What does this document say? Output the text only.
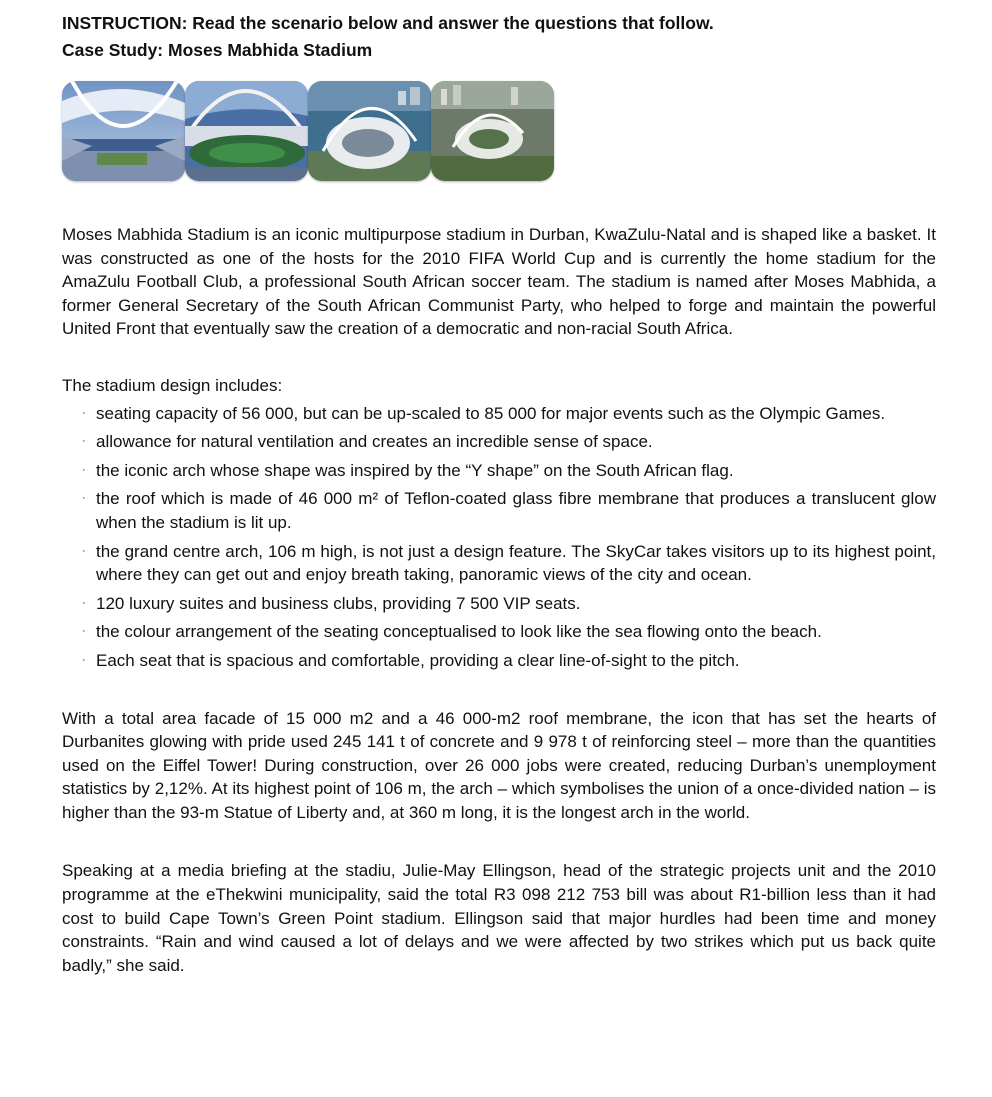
INSTRUCTION: Read the scenario below and answer the questions that follow.

Case Study: Moses Mabhida Stadium

Moses Mabhida Stadium is an iconic multipurpose stadium in Durban, KwaZulu-Natal and is shaped like a basket. It was constructed as one of the hosts for the 2010 FIFA World Cup and is currently the home stadium for the AmaZulu Football Club, a professional South African soccer team. The stadium is named after Moses Mabhida, a former General Secretary of the South African Communist Party, who helped to forge and maintain the powerful United Front that eventually saw the creation of a democratic and non-racial South Africa.

The stadium design includes:

· seating capacity of 56 000, but can be up-scaled to 85 000 for major events such as the Olympic Games.
· allowance for natural ventilation and creates an incredible sense of space.
· the iconic arch whose shape was inspired by the “Y shape” on the South African flag.
· the roof which is made of 46 000 m² of Teflon-coated glass fibre membrane that produces a translucent glow when the stadium is lit up.
· the grand centre arch, 106 m high, is not just a design feature. The SkyCar takes visitors up to its highest point, where they can get out and enjoy breath taking, panoramic views of the city and ocean.
· 120 luxury suites and business clubs, providing 7 500 VIP seats.
· the colour arrangement of the seating conceptualised to look like the sea flowing onto the beach.
· Each seat that is spacious and comfortable, providing a clear line-of-sight to the pitch.

With a total area facade of 15 000 m2 and a 46 000-m2 roof membrane, the icon that has set the hearts of Durbanites glowing with pride used 245 141 t of concrete and 9 978 t of reinforcing steel – more than the quantities used on the Eiffel Tower! During construction, over 26 000 jobs were created, reducing Durban’s unemployment statistics by 2,12%. At its highest point of 106 m, the arch – which symbolises the union of a once-divided nation – is higher than the 93-m Statue of Liberty and, at 360 m long, it is the longest arch in the world.

Speaking at a media briefing at the stadiu, Julie-May Ellingson, head of the strategic projects unit and the 2010 programme at the eThekwini municipality, said the total R3 098 212 753 bill was about R1-billion less than it had cost to build Cape Town’s Green Point stadium. Ellingson said that major hurdles had been time and money constraints. “Rain and wind caused a lot of delays and we were affected by two strikes which put us back quite badly,” she said.
